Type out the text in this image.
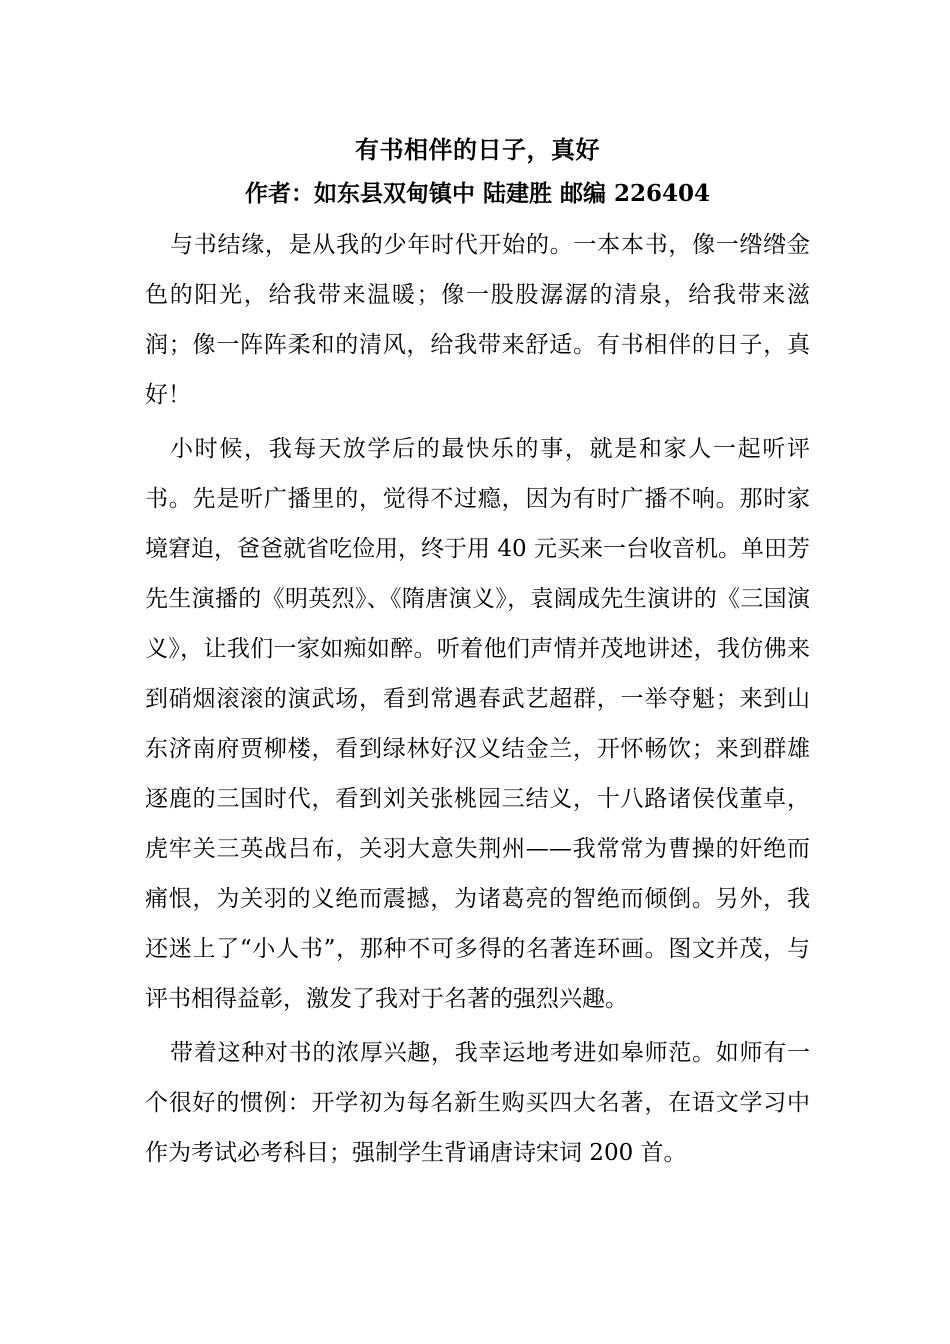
有书相伴的日子，真好
作者：如东县双甸镇中 陆建胜 邮编 226404

与书结缘，是从我的少年时代开始的。一本本书，像一绺绺金色的阳光，给我带来温暖；像一股股潺潺的清泉，给我带来滋润；像一阵阵柔和的清风，给我带来舒适。有书相伴的日子，真好！

小时候，我每天放学后的最快乐的事，就是和家人一起听评书。先是听广播里的，觉得不过瘾，因为有时广播不响。那时家境窘迫，爸爸就省吃俭用，终于用 40 元买来一台收音机。单田芳先生演播的《明英烈》、《隋唐演义》，袁阔成先生演讲的《三国演义》，让我们一家如痴如醉。听着他们声情并茂地讲述，我仿佛来到硝烟滚滚的演武场，看到常遇春武艺超群，一举夺魁；来到山东济南府贾柳楼，看到绿林好汉义结金兰，开怀畅饮；来到群雄逐鹿的三国时代，看到刘关张桃园三结义，十八路诸侯伐董卓，虎牢关三英战吕布，关羽大意失荆州——我常常为曹操的奸绝而痛恨，为关羽的义绝而震撼，为诸葛亮的智绝而倾倒。另外，我还迷上了“小人书”，那种不可多得的名著连环画。图文并茂，与评书相得益彰，激发了我对于名著的强烈兴趣。

带着这种对书的浓厚兴趣，我幸运地考进如皋师范。如师有一个很好的惯例：开学初为每名新生购买四大名著，在语文学习中作为考试必考科目；强制学生背诵唐诗宋词 200 首。
